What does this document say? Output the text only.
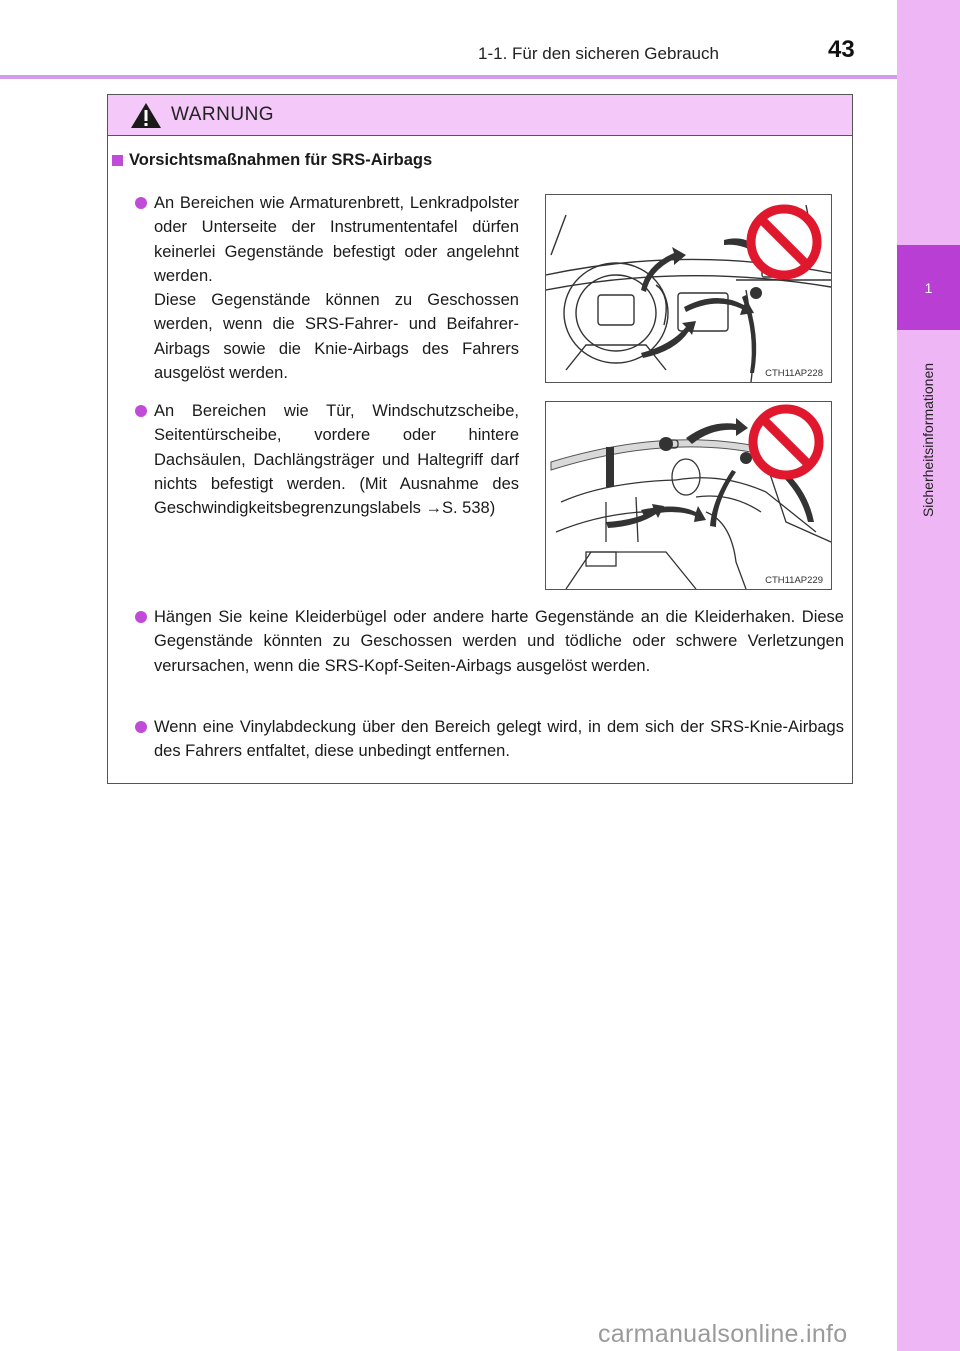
1-1. Für den sicheren Gebrauch	43
1
Sicherheitsinformationen
WARNUNG
Vorsichtsmaßnahmen für SRS-Airbags
An Bereichen wie Armaturenbrett, Lenkradpolster oder Unterseite der Instrumententafel dürfen keinerlei Gegenstände befestigt oder angelehnt werden.
Diese Gegenstände können zu Geschossen werden, wenn die SRS-Fahrer- und Beifahrer-Airbags sowie die Knie-Airbags des Fahrers ausgelöst werden.	CTH11AP228
An Bereichen wie Tür, Windschutzscheibe, Seitentürscheibe, vordere oder hintere Dachsäulen, Dachlängsträger und Haltegriff darf nichts befestigt werden. (Mit Ausnahme des Geschwindigkeitsbegrenzungslabels →S. 538)
CTH11AP229
Hängen Sie keine Kleiderbügel oder andere harte Gegenstände an die Kleiderhaken. Diese Gegenstände könnten zu Geschossen werden und tödliche oder schwere Verletzungen verursachen, wenn die SRS-Kopf-Seiten-Airbags ausgelöst werden.
Wenn eine Vinylabdeckung über den Bereich gelegt wird, in dem sich der SRS-Knie-Airbags des Fahrers entfaltet, diese unbedingt entfernen.
carmanualsonline.info
